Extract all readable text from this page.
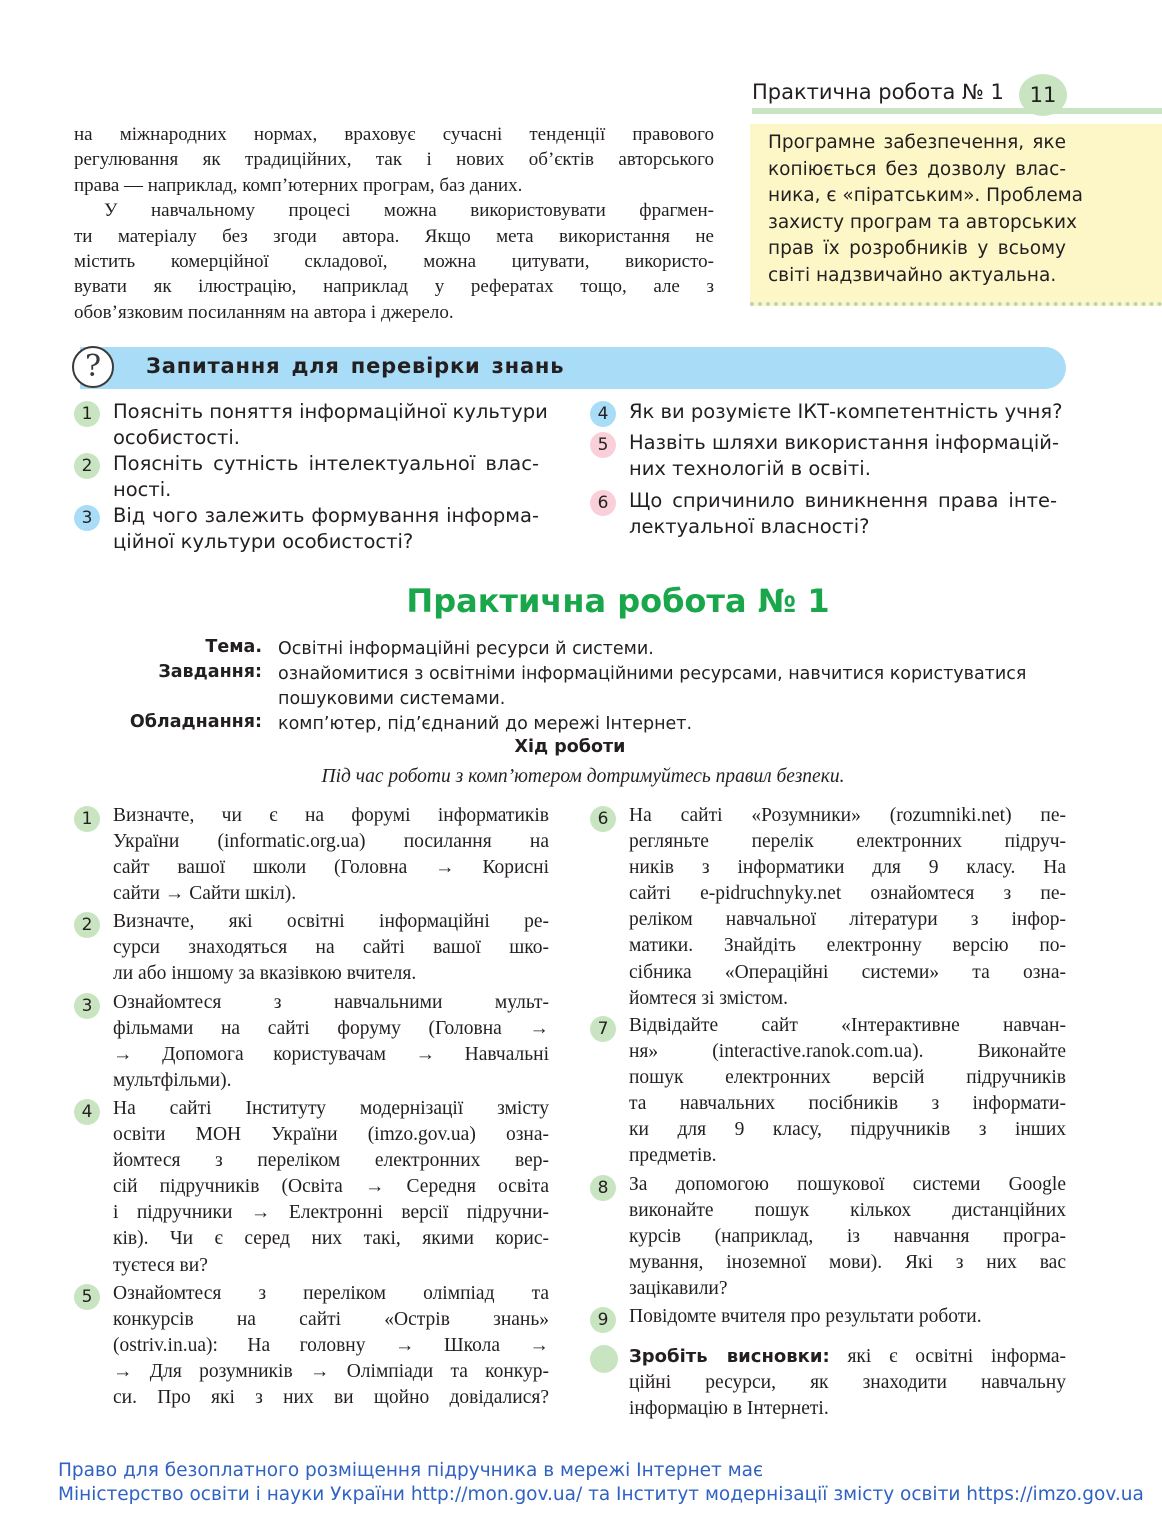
Практична робота № 1	11

на міжнародних нормах, враховує сучасні тенденції правового
регулювання як традиційних, так і нових об’єктів авторського
права — наприклад, комп’ютерних програм, баз даних.

У навчальному процесі можна використовувати фрагмен-
ти матеріалу без згоди автора. Якщо мета використання не
містить комерційної складової, можна цитувати, використо-
вувати як ілюстрацію, наприклад у рефератах тощо, але з
обов’язковим посиланням на автора і джерело.

Програмне забезпечення, яке
копіюється без дозволу влас-
ника, є «піратським». Проблема
захисту програм та авторських
прав їх розробників у всьому
світі надзвичайно актуальна.
?	Запитання для перевірки знань
1	Поясніть поняття інформаційної культури
особистості.
2	Поясніть сутність інтелектуальної влас-
ності.
3	Від чого залежить формування інформа-
ційної культури особистості?
4	Як ви розумієте ІКТ-компетентність учня?
5	Назвіть шляхи використання інформацій-
них технологій в освіті.
6	Що спричинило виникнення права інте-
лектуальної власності?
Практична робота № 1
Тема. Освітні інформаційні ресурси й системи.
Завдання: ознайомитися з освітніми інформаційними ресурсами, навчитися користуватися
пошуковими системами.
Обладнання: комп’ютер, під’єднаний до мережі Інтернет.
Хід роботи
Під час роботи з комп’ютером дотримуйтесь правил безпеки.
1	Визначте, чи є на форумі інформатиків
України (informatic.org.ua) посилання на
сайт вашої школи (Головна → Корисні
сайти → Сайти шкіл).
2	Визначте, які освітні інформаційні ре-
сурси знаходяться на сайті вашої шко-
ли або іншому за вказівкою вчителя.
3	Ознайомтеся з навчальними мульт-
фільмами на сайті форуму (Головна →
→ Допомога користувачам → Навчальні
мультфільми).
4	На сайті Інституту модернізації змісту
освіти МОН України (imzo.gov.ua) озна-
йомтеся з переліком електронних вер-
сій підручників (Освіта → Середня освіта
і підручники → Електронні версії підручни-
ків). Чи є серед них такі, якими корис-
туєтеся ви?
5	Ознайомтеся з переліком олімпіад та
конкурсів на сайті «Острів знань»
(ostriv.in.ua): На головну → Школа →
→ Для розумників → Олімпіади та конкур-
си. Про які з них ви щойно довідалися?
6	На сайті «Розумники» (rozumniki.net) пе-
регляньте перелік електронних підруч-
ників з інформатики для 9 класу. На
сайті e-pidruchnyky.net ознайомтеся з пе-
реліком навчальної літератури з інфор-
матики. Знайдіть електронну версію по-
сібника «Операційні системи» та озна-
йомтеся зі змістом.
7	Відвідайте сайт «Інтерактивне навчан-
ня» (interactive.ranok.com.ua). Виконайте
пошук електронних версій підручників
та навчальних посібників з інформати-
ки для 9 класу, підручників з інших
предметів.
8	За допомогою пошукової системи Google
виконайте пошук кількох дистанційних
курсів (наприклад, із навчання програ-
мування, іноземної мови). Які з них вас
зацікавили?
9	Повідомте вчителя про результати роботи.
Зробіть висновки: які є освітні інформа-
ційні ресурси, як знаходити навчальну
інформацію в Інтернеті.
Право для безоплатного розміщення підручника в мережі Інтернет має
Міністерство освіти і науки України http://mon.gov.ua/ та Інститут модернізації змісту освіти https://imzo.gov.ua
